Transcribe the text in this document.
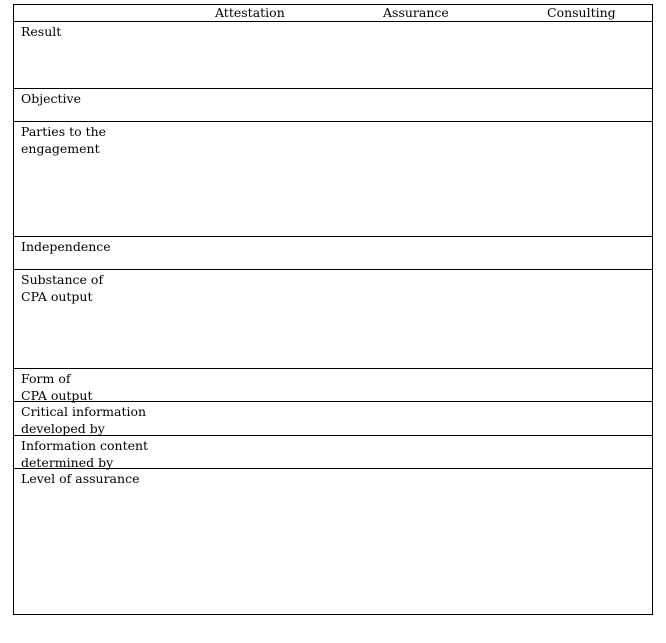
Attestation	Assurance	Consulting
Result
Objective
Parties to the
engagement
Independence
Substance of
CPA output
Form of
CPA output
Critical information
developed by
Information content
determined by
Level of assurance
